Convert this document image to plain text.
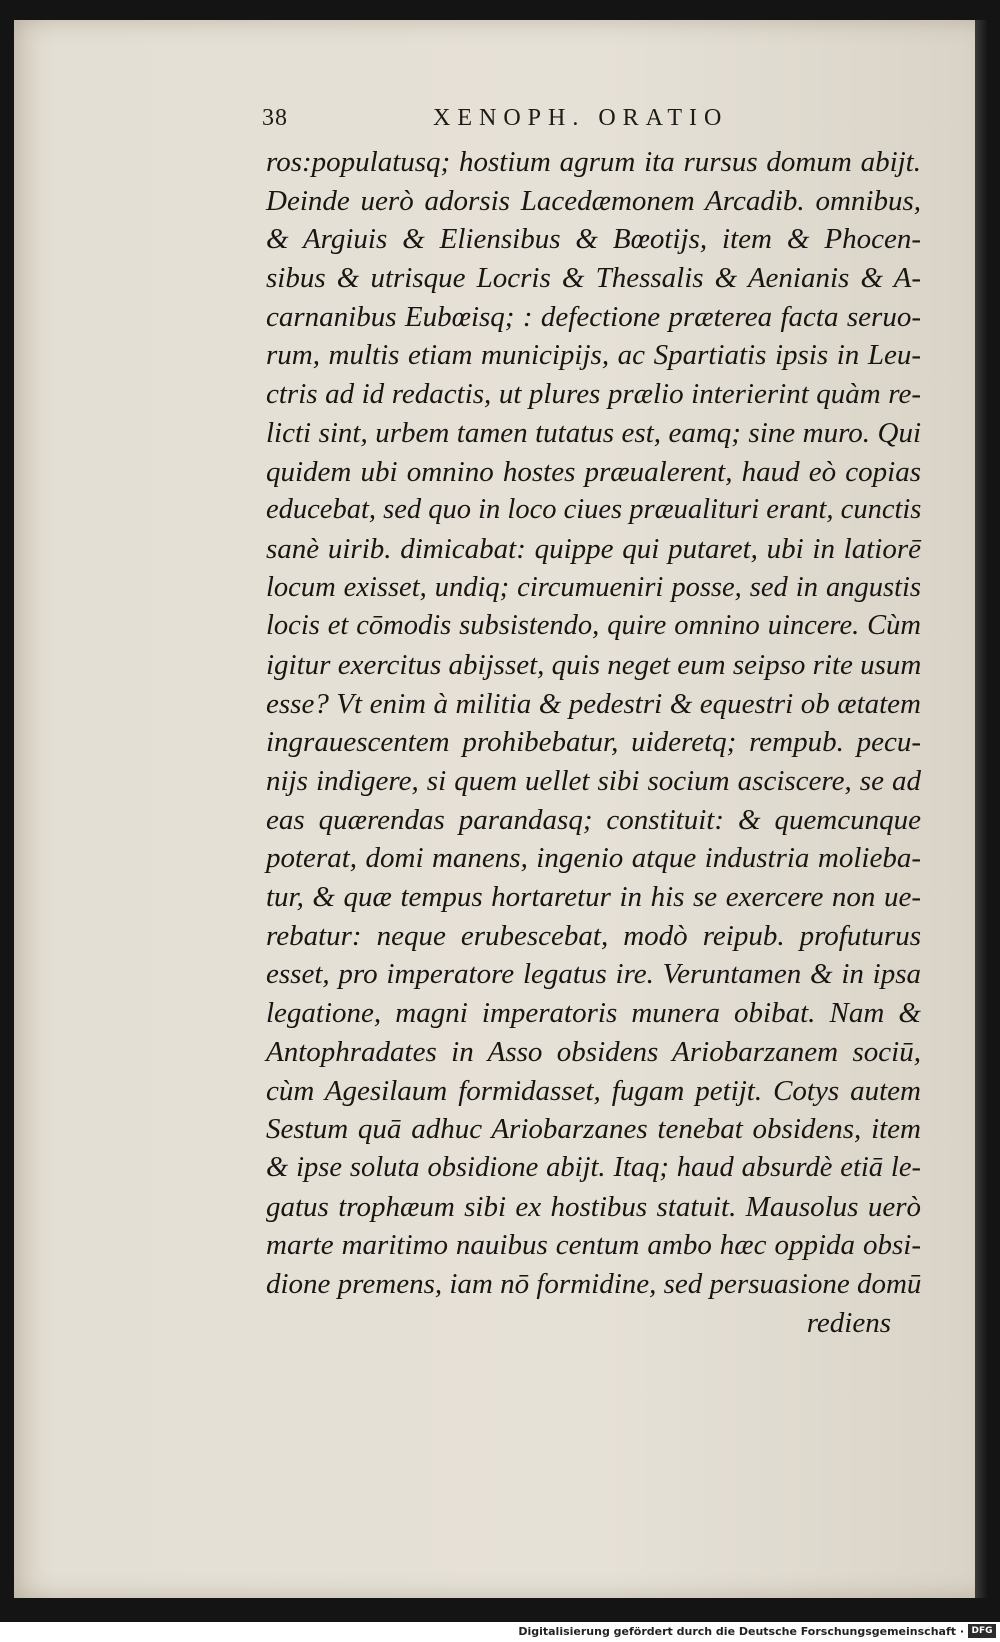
38	XENOPH. ORATIO
ros:populatusq; hostium agrum ita rursus domum abijt.
Deinde uerò adorsis Lacedæmonem Arcadib. omnibus,
& Argiuis & Eliensibus & Bœotijs, item & Phocen-
sibus & utrisque Locris & Thessalis & Aenianis & A-
carnanibus Eubœisq; : defectione præterea facta seruo-
rum, multis etiam municipijs, ac Spartiatis ipsis in Leu-
ctris ad id redactis, ut plures prælio interierint quàm re-
licti sint, urbem tamen tutatus est, eamq; sine muro. Qui
quidem ubi omnino hostes præualerent, haud eò copias
educebat, sed quo in loco ciues præualituri erant, cunctis
sanè uirib. dimicabat: quippe qui putaret, ubi in latiorē
locum exisset, undiq; circumueniri posse, sed in angustis
locis et cōmodis subsistendo, quire omnino uincere. Cùm
igitur exercitus abijsset, quis neget eum seipso rite usum
esse? Vt enim à militia & pedestri & equestri ob ætatem
ingrauescentem prohibebatur, uideretq; rempub. pecu-
nijs indigere, si quem uellet sibi socium asciscere, se ad
eas quærendas parandasq; constituit: & quemcunque
poterat, domi manens, ingenio atque industria molieba-
tur, & quæ tempus hortaretur in his se exercere non ue-
rebatur: neque erubescebat, modò reipub. profuturus
esset, pro imperatore legatus ire. Veruntamen & in ipsa
legatione, magni imperatoris munera obibat. Nam &
Antophradates in Asso obsidens Ariobarzanem sociū,
cùm Agesilaum formidasset, fugam petijt. Cotys autem
Sestum quā adhuc Ariobarzanes tenebat obsidens, item
& ipse soluta obsidione abijt. Itaq; haud absurdè etiā le-
gatus trophæum sibi ex hostibus statuit. Mausolus uerò
marte maritimo nauibus centum ambo hæc oppida obsi-
dione premens, iam nō formidine, sed persuasione domū
rediens
Digitalisierung gefördert durch die Deutsche Forschungsgemeinschaft · DFG
